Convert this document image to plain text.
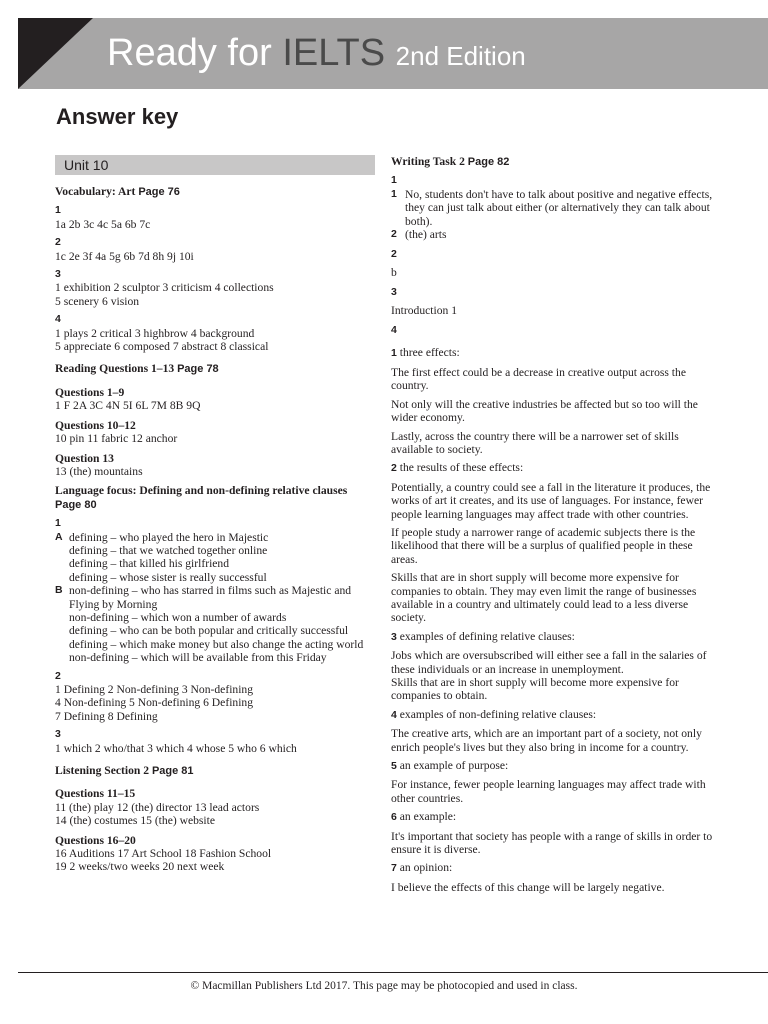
Ready for IELTS 2nd Edition
Answer key
Unit 10
Vocabulary: Art Page 76
1
1a 2b 3c 4c 5a 6b 7c
2
1c 2e 3f 4a 5g 6b 7d 8h 9j 10i
3
1 exhibition 2 sculptor 3 criticism 4 collections
5 scenery 6 vision
4
1 plays 2 critical 3 highbrow 4 background
5 appreciate 6 composed 7 abstract 8 classical
Reading Questions 1–13 Page 78
Questions 1–9
1 F 2A 3C 4N 5I 6L 7M 8B 9Q
Questions 10–12
10 pin 11 fabric 12 anchor
Question 13
13 (the) mountains
Language focus: Defining and non-defining relative clauses Page 80
1
A defining – who played the hero in Majestic
defining – that we watched together online
defining – that killed his girlfriend
defining – whose sister is really successful
B non-defining – who has starred in films such as Majestic and Flying by Morning
non-defining – which won a number of awards
defining – who can be both popular and critically successful
defining – which make money but also change the acting world
non-defining – which will be available from this Friday
2
1 Defining 2 Non-defining 3 Non-defining
4 Non-defining 5 Non-defining 6 Defining
7 Defining 8 Defining
3
1 which 2 who/that 3 which 4 whose 5 who 6 which
Listening Section 2 Page 81
Questions 11–15
11 (the) play 12 (the) director 13 lead actors
14 (the) costumes 15 (the) website
Questions 16–20
16 Auditions 17 Art School 18 Fashion School
19 2 weeks/two weeks 20 next week
Writing Task 2 Page 82
1
1 No, students don't have to talk about positive and negative effects, they can just talk about either (or alternatively they can talk about both).
2 (the) arts
2
b
3
Introduction 1
4
1 three effects:
The first effect could be a decrease in creative output across the country.
Not only will the creative industries be affected but so too will the wider economy.
Lastly, across the country there will be a narrower set of skills available to society.
2 the results of these effects:
Potentially, a country could see a fall in the literature it produces, the works of art it creates, and its use of languages. For instance, fewer people learning languages may affect trade with other countries.
If people study a narrower range of academic subjects there is the likelihood that there will be a surplus of qualified people in these areas.
Skills that are in short supply will become more expensive for companies to obtain. They may even limit the range of businesses available in a country and ultimately could lead to a less diverse society.
3 examples of defining relative clauses:
Jobs which are oversubscribed will either see a fall in the salaries of these individuals or an increase in unemployment.
Skills that are in short supply will become more expensive for companies to obtain.
4 examples of non-defining relative clauses:
The creative arts, which are an important part of a society, not only enrich people's lives but they also bring in income for a country.
5 an example of purpose:
For instance, fewer people learning languages may affect trade with other countries.
6 an example:
It's important that society has people with a range of skills in order to ensure it is diverse.
7 an opinion:
I believe the effects of this change will be largely negative.
© Macmillan Publishers Ltd 2017. This page may be photocopied and used in class.
